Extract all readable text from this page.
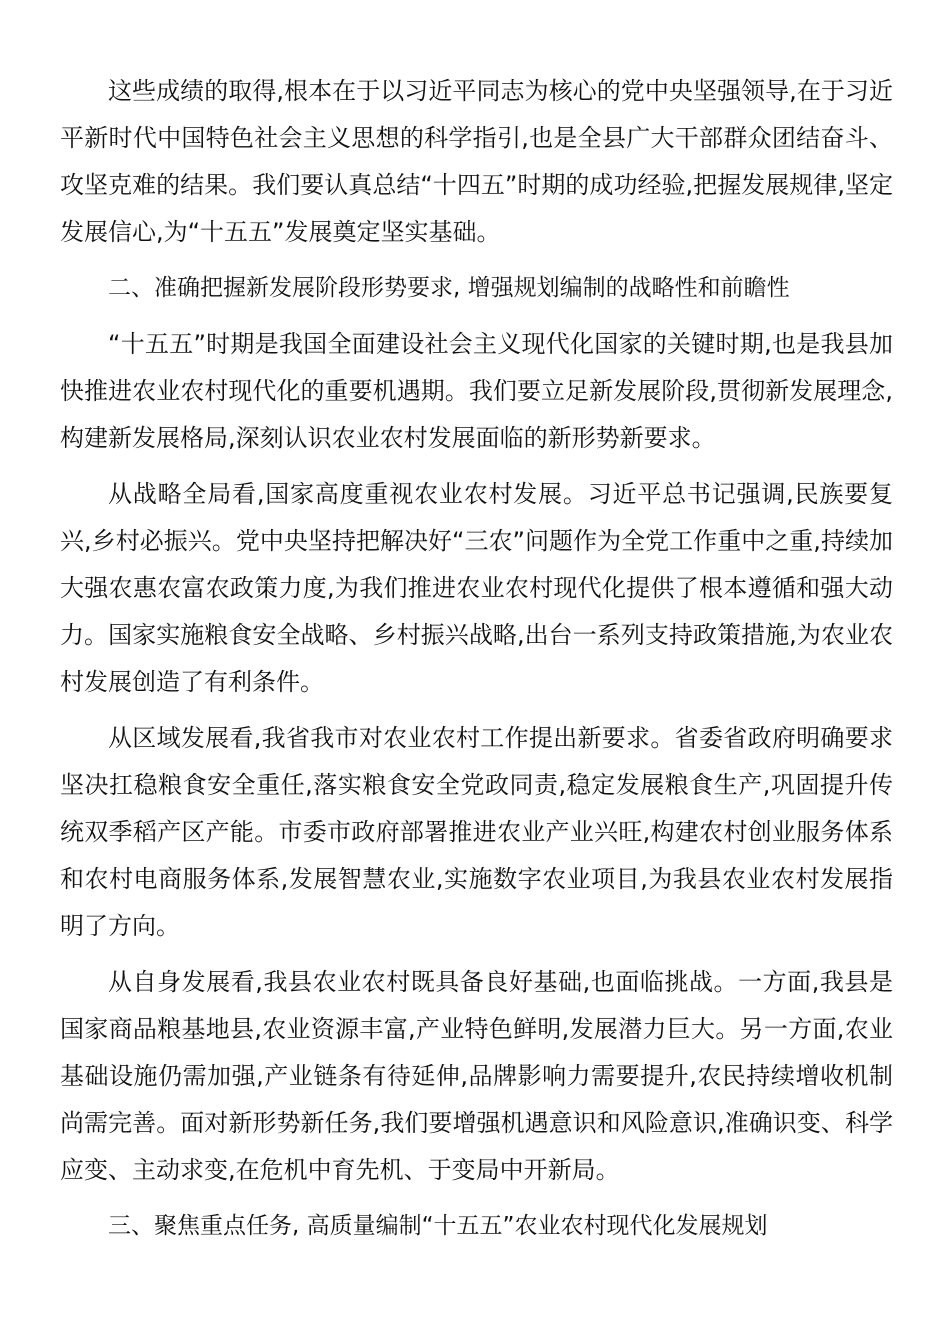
这些成绩的取得,根本在于以习近平同志为核心的党中央坚强领导,在于习近平新时代中国特色社会主义思想的科学指引,也是全县广大干部群众团结奋斗、攻坚克难的结果。我们要认真总结“十四五”时期的成功经验,把握发展规律,坚定发展信心,为“十五五”发展奠定坚实基础。

二、准确把握新发展阶段形势要求, 增强规划编制的战略性和前瞻性

“十五五”时期是我国全面建设社会主义现代化国家的关键时期,也是我县加快推进农业农村现代化的重要机遇期。我们要立足新发展阶段,贯彻新发展理念,构建新发展格局,深刻认识农业农村发展面临的新形势新要求。

从战略全局看,国家高度重视农业农村发展。习近平总书记强调,民族要复兴,乡村必振兴。党中央坚持把解决好“三农”问题作为全党工作重中之重,持续加大强农惠农富农政策力度,为我们推进农业农村现代化提供了根本遵循和强大动力。国家实施粮食安全战略、乡村振兴战略,出台一系列支持政策措施,为农业农村发展创造了有利条件。

从区域发展看,我省我市对农业农村工作提出新要求。省委省政府明确要求坚决扛稳粮食安全重任,落实粮食安全党政同责,稳定发展粮食生产,巩固提升传统双季稻产区产能。市委市政府部署推进农业产业兴旺,构建农村创业服务体系和农村电商服务体系,发展智慧农业,实施数字农业项目,为我县农业农村发展指明了方向。

从自身发展看,我县农业农村既具备良好基础,也面临挑战。一方面,我县是国家商品粮基地县,农业资源丰富,产业特色鲜明,发展潜力巨大。另一方面,农业基础设施仍需加强,产业链条有待延伸,品牌影响力需要提升,农民持续增收机制尚需完善。面对新形势新任务,我们要增强机遇意识和风险意识,准确识变、科学应变、主动求变,在危机中育先机、于变局中开新局。

三、聚焦重点任务, 高质量编制“十五五”农业农村现代化发展规划
